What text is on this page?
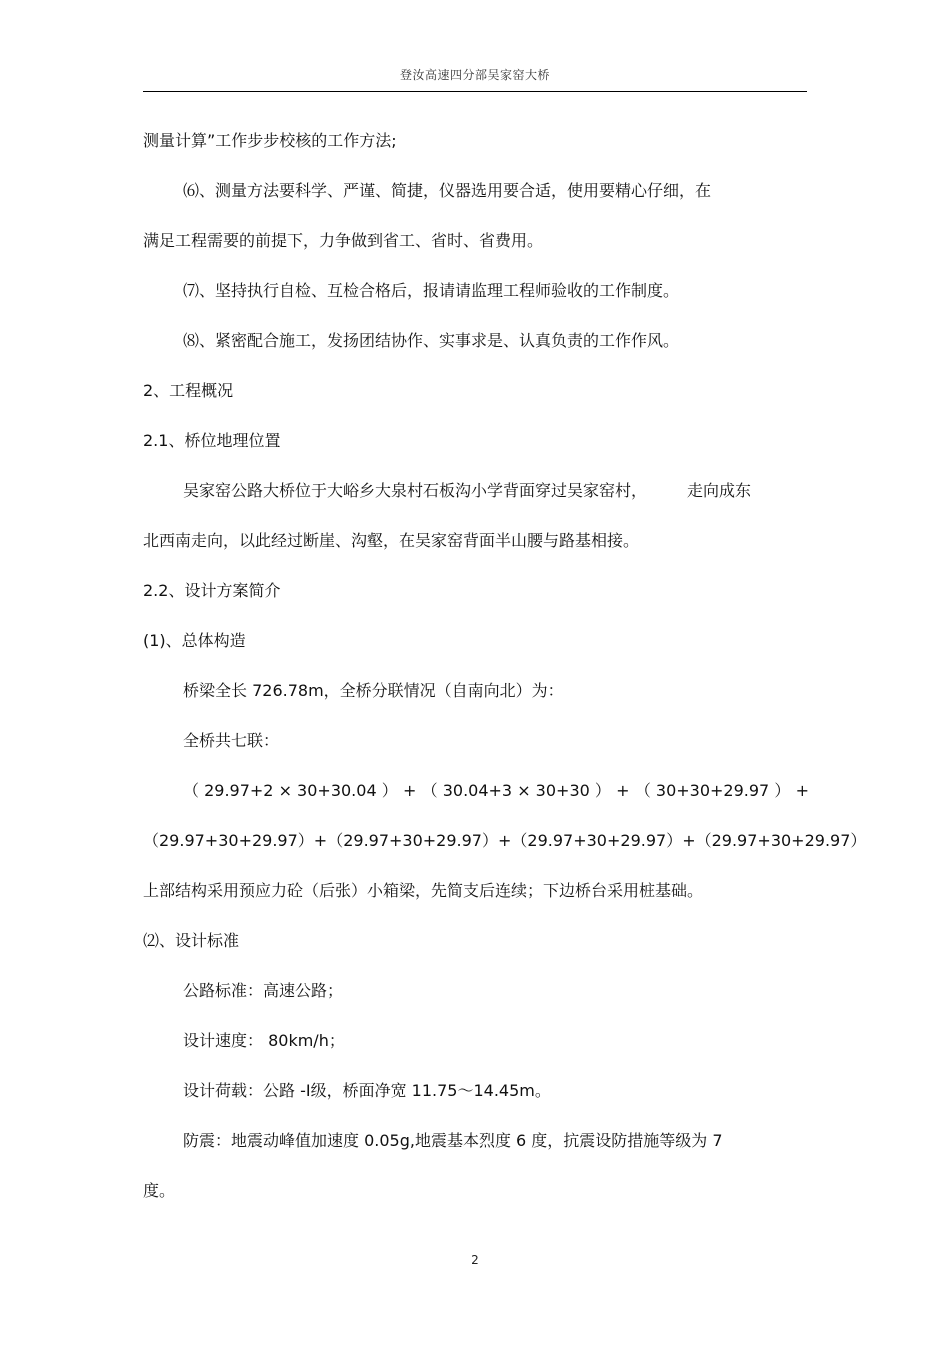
登汝高速四分部吴家窑大桥
测量计算”工作步步校核的工作方法;
⑹、测量方法要科学、严谨、简捷，仪器选用要合适，使用要精心仔细，在
满足工程需要的前提下，力争做到省工、省时、省费用。
⑺、坚持执行自检、互检合格后，报请请监理工程师验收的工作制度。
⑻、紧密配合施工，发扬团结协作、实事求是、认真负责的工作作风。
2、工程概况
2.1、桥位地理位置
吴家窑公路大桥位于大峪乡大泉村石板沟小学背面穿过吴家窑村，	走向成东
北西南走向，以此经过断崖、沟壑，在吴家窑背面半山腰与路基相接。
2.2、设计方案简介
(1)、总体构造
桥梁全长 726.78m，全桥分联情况（自南向北）为：
全桥共七联：
（ 29.97+2 × 30+30.04 ） + （ 30.04+3 × 30+30 ） + （ 30+30+29.97 ） +
（29.97+30+29.97） +（29.97+30+29.97） +（29.97+30+29.97） +（29.97+30+29.97）
上部结构采用预应力砼（后张）小箱梁，先简支后连续；下边桥台采用桩基础。
⑵、设计标准
公路标准：高速公路；
设计速度： 80km/h；
设计荷载：公路 -Ⅰ级，桥面净宽 11.75～14.45m。
防震：地震动峰值加速度 0.05g,地震基本烈度 6 度，抗震设防措施等级为 7
度。
2
